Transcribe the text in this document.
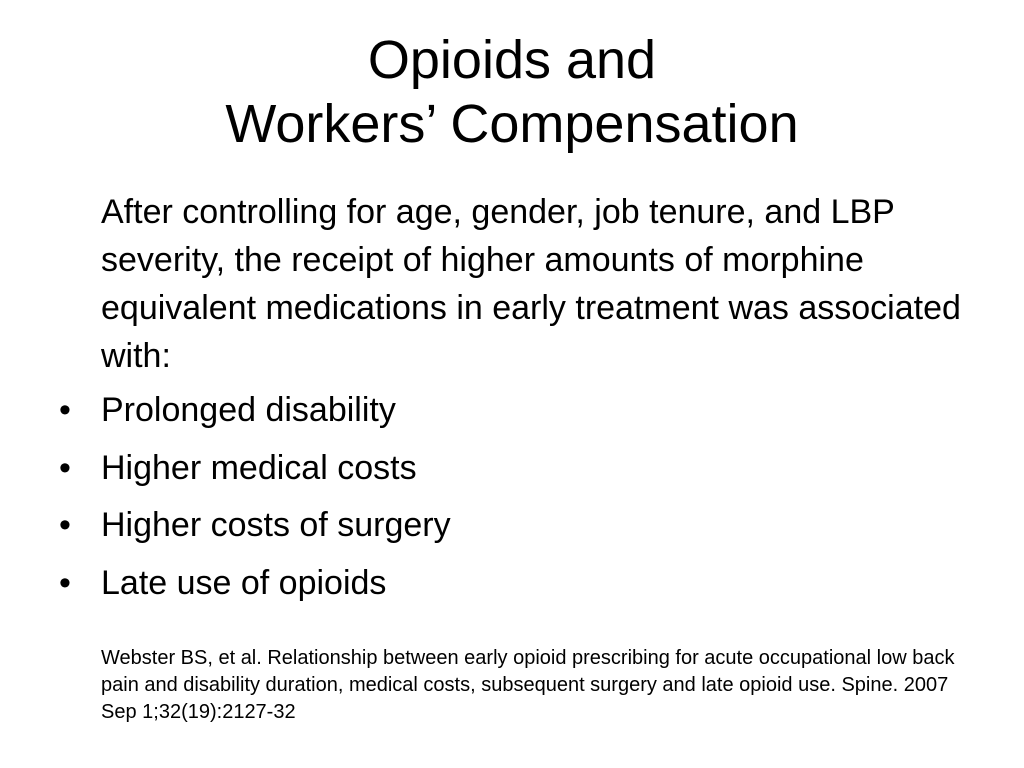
Opioids and
Workers’ Compensation
After controlling for age, gender, job tenure, and LBP severity, the receipt of higher amounts of morphine equivalent medications in early treatment was associated with:
• Prolonged disability
• Higher medical costs
• Higher costs of surgery
• Late use of opioids
Webster BS, et al. Relationship between early opioid prescribing for acute occupational low back pain and disability duration, medical costs, subsequent surgery and late opioid use. Spine. 2007 Sep 1;32(19):2127-32
